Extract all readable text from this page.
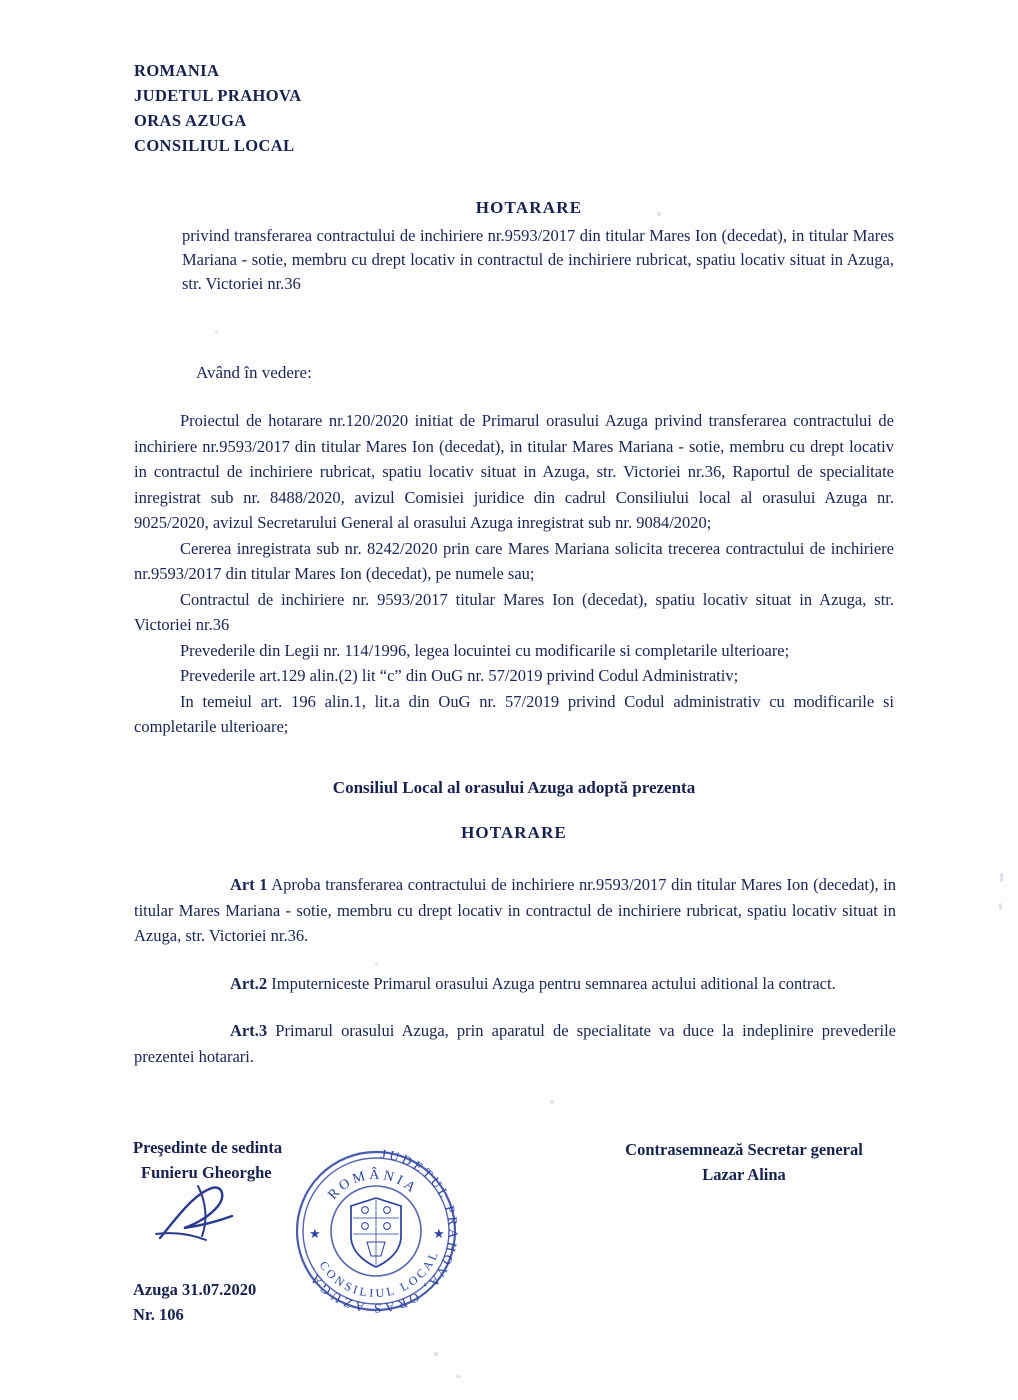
ROMANIA
JUDETUL PRAHOVA
ORAS AZUGA
CONSILIUL LOCAL
HOTARARE
privind transferarea contractului de inchiriere nr.9593/2017 din titular Mares Ion (decedat), in titular Mares Mariana - sotie, membru cu drept locativ in contractul de inchiriere rubricat, spatiu locativ situat in Azuga, str. Victoriei nr.36
Având în vedere:

Proiectul de hotarare nr.120/2020 initiat de Primarul orasului Azuga privind transferarea contractului de inchiriere nr.9593/2017 din titular Mares Ion (decedat), in titular Mares Mariana - sotie, membru cu drept locativ in contractul de inchiriere rubricat, spatiu locativ situat in Azuga, str. Victoriei nr.36, Raportul de specialitate inregistrat sub nr. 8488/2020, avizul Comisiei juridice din cadrul Consiliului local al orasului Azuga nr. 9025/2020, avizul Secretarului General al orasului Azuga inregistrat sub nr. 9084/2020;

Cererea inregistrata sub nr. 8242/2020 prin care Mares Mariana solicita trecerea contractului de inchiriere nr.9593/2017 din titular Mares Ion (decedat), pe numele sau;

Contractul de inchiriere nr. 9593/2017 titular Mares Ion (decedat), spatiu locativ situat in Azuga, str. Victoriei nr.36

Prevederile din Legii nr. 114/1996, legea locuintei cu modificarile si completarile ulterioare;

Prevederile art.129 alin.(2) lit “c” din OuG nr. 57/2019 privind Codul Administrativ;

In temeiul art. 196 alin.1, lit.a din OuG nr. 57/2019 privind Codul administrativ cu modificarile si completarile ulterioare;

Consiliul Local al orasului Azuga adoptă prezenta
HOTARARE

Art 1 Aproba transferarea contractului de inchiriere nr.9593/2017 din titular Mares Ion (decedat), in titular Mares Mariana - sotie, membru cu drept locativ in contractul de inchiriere rubricat, spatiu locativ situat in Azuga, str. Victoriei nr.36.

Art.2 Imputerniceste Primarul orasului Azuga pentru semnarea actului aditional la contract.

Art.3 Primarul orasului Azuga, prin aparatul de specialitate va duce la indeplinire prevederile prezentei hotarari.

Preşedinte de sedinta
Funieru Gheorghe
Contrasemnează Secretar general
Lazar Alina
★	★
JUDETUL PRAHOVA, ORAS AZUGA
CONSILIUL LOCAL
ROMÂNIA
Azuga 31.07.2020
Nr. 106
